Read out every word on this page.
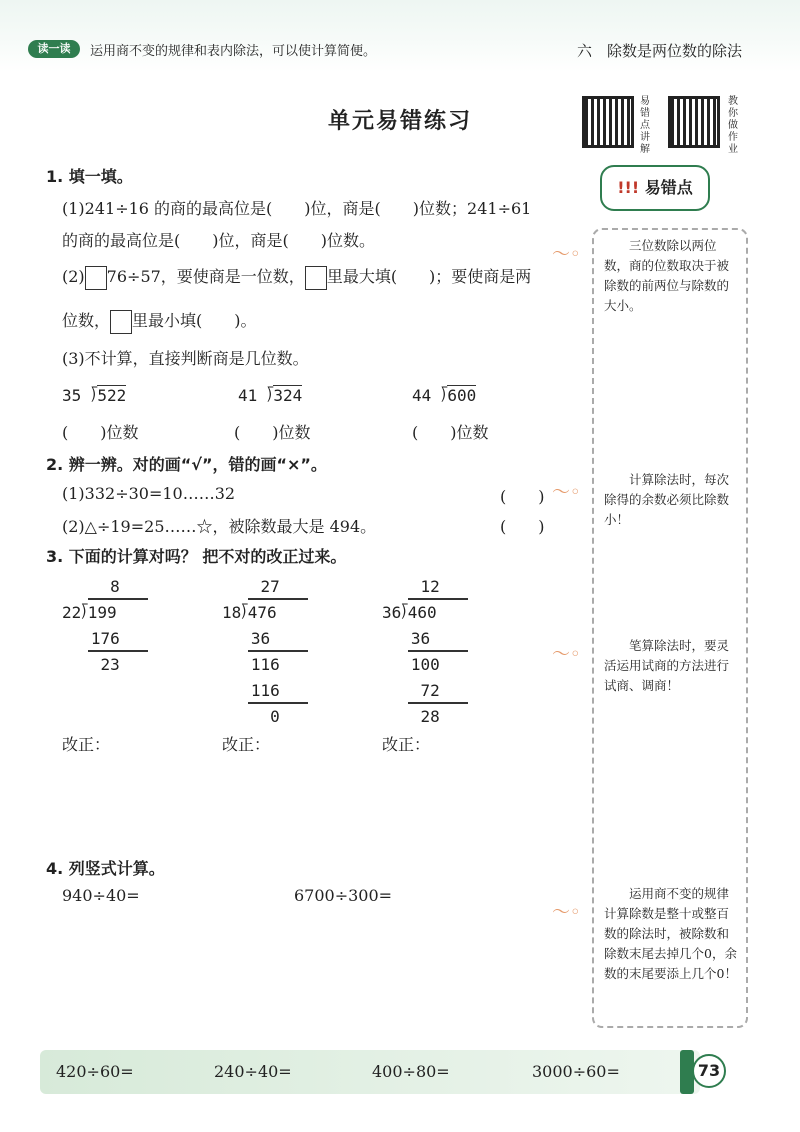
读一读	运用商不变的规律和表内除法，可以使计算简便。	六　除数是两位数的除法
单元易错练习
易错点讲解
教你做作业
!!! 易错点
三位数除以两位数，商的位数取决于被除数的前两位与除数的大小。
计算除法时，每次除得的余数必须比除数小！
笔算除法时，要灵活运用试商的方法进行试商、调商！
运用商不变的规律计算除数是整十或整百数的除法时，被除数和除数末尾去掉几个0，余数的末尾要添上几个0！
〜◦
〜◦
〜◦
〜◦
1. 填一填。
(1)241÷16 的商的最高位是(　　)位，商是(　　)位数；241÷61
的商的最高位是(　　)位，商是(　　)位数。
(2) 76÷57，要使商是一位数， 里最大填(　　)；要使商是两
位数， 里最小填(　　)。
(3)不计算，直接判断商是几位数。
35 ⟌522	41 ⟌324	44 ⟌600
(　　)位数	(　　)位数	(　　)位数
2. 辨一辨。对的画“√”，错的画“×”。
(1)332÷30=10……32	(　　)
(2)△÷19=25……☆，被除数最大是 494。	(　　)
3. 下面的计算对吗？ 把不对的改正过来。
8
22⟌199
176
23
27
18⟌476
36
116
116
0
12
36⟌460
36
100
72
28
改正：	改正：	改正：
4. 列竖式计算。
940÷40=	6700÷300=
420÷60=	240÷40=	400÷80=	3000÷60=	73
